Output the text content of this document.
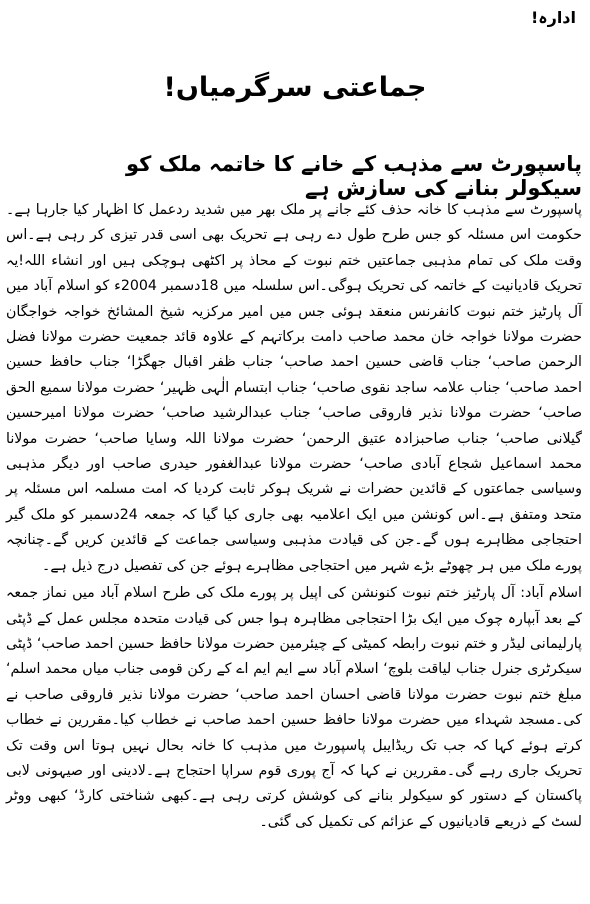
ادارہ!
جماعتی سرگرمیاں!
پاسپورٹ سے مذہب کے خانے کا خاتمہ ملک کو سیکولر بنانے کی سازش ہے

پاسپورٹ سے مذہب کا خانہ حذف کئے جانے پر ملک بھر میں شدید ردعمل کا اظہار کیا جارہا ہے۔حکومت اس مسئلہ کو جس طرح طول دے رہی ہے تحریک بھی اسی قدر تیزی کر رہی ہے۔اس وقت ملک کی تمام مذہبی جماعتیں ختم نبوت کے محاذ پر اکٹھی ہوچکی ہیں اور انشاء اللہ!یہ تحریک قادیانیت کے خاتمہ کی تحریک ہوگی۔اس سلسلہ میں 18دسمبر 2004ء کو اسلام آباد میں آل پارٹیز ختم نبوت کانفرنس منعقد ہوئی جس میں امیر مرکزیہ شیخ المشائخ خواجہ خواجگان حضرت مولانا خواجہ خان محمد صاحب دامت برکاتہم کے علاوہ قائد جمعیت حضرت مولانا فضل الرحمن صاحب‘ جناب قاضی حسین احمد صاحب‘ جناب ظفر اقبال جھگڑا‘ جناب حافظ حسین احمد صاحب‘ جناب علامہ ساجد نقوی صاحب‘ جناب ابتسام الٰہی ظہیر‘ حضرت مولانا سمیع الحق صاحب‘ حضرت مولانا نذیر فاروقی صاحب‘ جناب عبدالرشید صاحب‘ حضرت مولانا امیرحسین گیلانی صاحب‘ جناب صاحبزادہ عتیق الرحمن‘ حضرت مولانا اللہ وسایا صاحب‘ حضرت مولانا محمد اسماعیل شجاع آبادی صاحب‘ حضرت مولانا عبدالغفور حیدری صاحب اور دیگر مذہبی وسیاسی جماعتوں کے قائدین حضرات نے شریک ہوکر ثابت کردیا کہ امت مسلمہ اس مسئلہ پر متحد ومتفق ہے۔اس کونشن میں ایک اعلامیہ بھی جاری کیا گیا کہ جمعہ 24دسمبر کو ملک گیر احتجاجی مظاہرے ہوں گے۔جن کی قیادت مذہبی وسیاسی جماعت کے قائدین کریں گے۔چنانچہ پورے ملک میں ہر چھوٹے بڑے شہر میں احتجاجی مظاہرے ہوئے جن کی تفصیل درج ذیل ہے۔

اسلام آباد: آل پارٹیز ختم نبوت کنونشن کی اپیل پر پورے ملک کی طرح اسلام آباد میں نماز جمعہ کے بعد آبپارہ چوک میں ایک بڑا احتجاجی مظاہرہ ہوا جس کی قیادت متحدہ مجلس عمل کے ڈپٹی پارلیمانی لیڈر و ختم نبوت رابطہ کمیٹی کے چیئرمین حضرت مولانا حافظ حسین احمد صاحب‘ ڈپٹی سیکرٹری جنرل جناب لیاقت بلوچ‘ اسلام آباد سے ایم ایم اے کے رکن قومی جناب میاں محمد اسلم‘ مبلغ ختم نبوت حضرت مولانا قاضی احسان احمد صاحب‘ حضرت مولانا نذیر فاروقی صاحب نے کی۔مسجد شہداء میں حضرت مولانا حافظ حسین احمد صاحب نے خطاب کیا۔مقررین نے خطاب کرتے ہوئے کہا کہ جب تک ریڈایبل پاسپورٹ میں مذہب کا خانہ بحال نہیں ہوتا اس وقت تک تحریک جاری رہے گی۔مقررین نے کہا کہ آج پوری قوم سراپا احتجاج ہے۔لادینی اور صیہونی لابی پاکستان کے دستور کو سیکولر بنانے کی کوشش کرتی رہی ہے۔کبھی شناختی کارڈ‘ کبھی ووٹر لسٹ کے ذریعے قادیانیوں کے عزائم کی تکمیل کی گئی۔
